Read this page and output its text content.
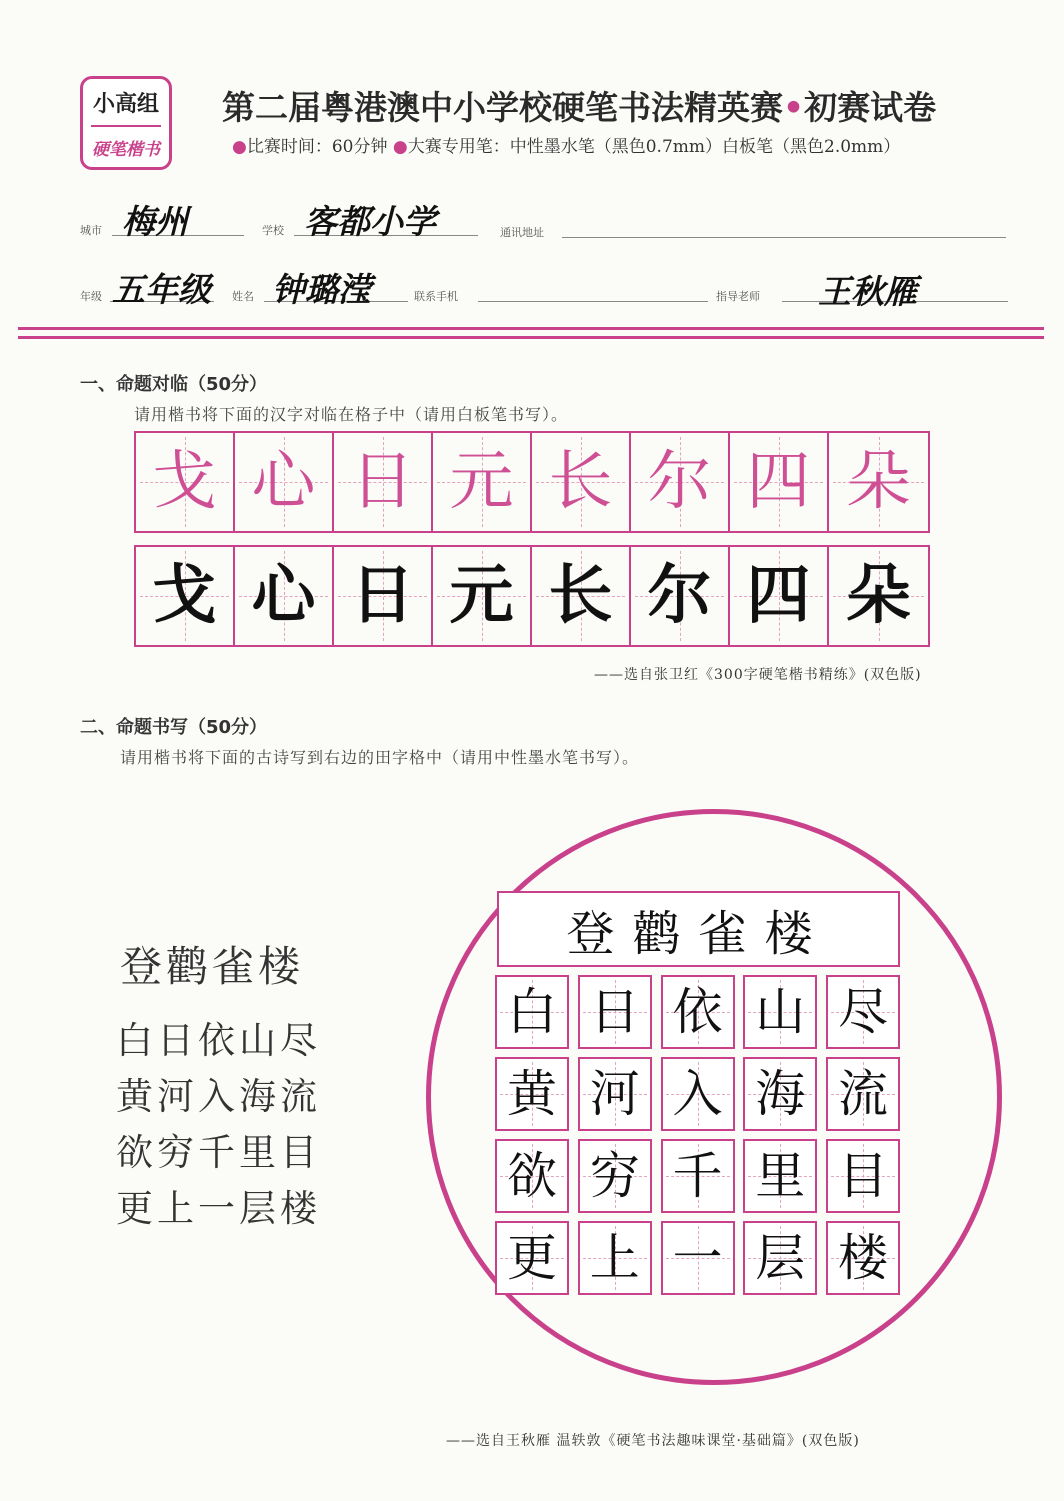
小高组
硬笔楷书
第二届粤港澳中小学校硬笔书法精英赛•初赛试卷
●比赛时间：60分钟 ●大赛专用笔：中性墨水笔（黑色0.7mm）白板笔（黑色2.0mm）
城市 梅州	学校 客都小学	通讯地址
年级 五年级 姓名 钟璐滢	联系手机	指导老师 王秋雁
一、命题对临（50分）
请用楷书将下面的汉字对临在格子中（请用白板笔书写）。
戈 心 日 元 长 尔 四 朵
戈 心 日 元 长 尔 四 朵
——选自张卫红《300字硬笔楷书精练》(双色版)
二、命题书写（50分）
请用楷书将下面的古诗写到右边的田字格中（请用中性墨水笔书写）。
登鹳雀楼
白日依山尽
黄河入海流
欲穷千里目
更上一层楼
登鹳雀楼
白 日 依 山 尽
黄 河 入 海 流
欲 穷 千 里 目
更 上 一 层 楼
——选自王秋雁 温轶敦《硬笔书法趣味课堂·基础篇》(双色版)
